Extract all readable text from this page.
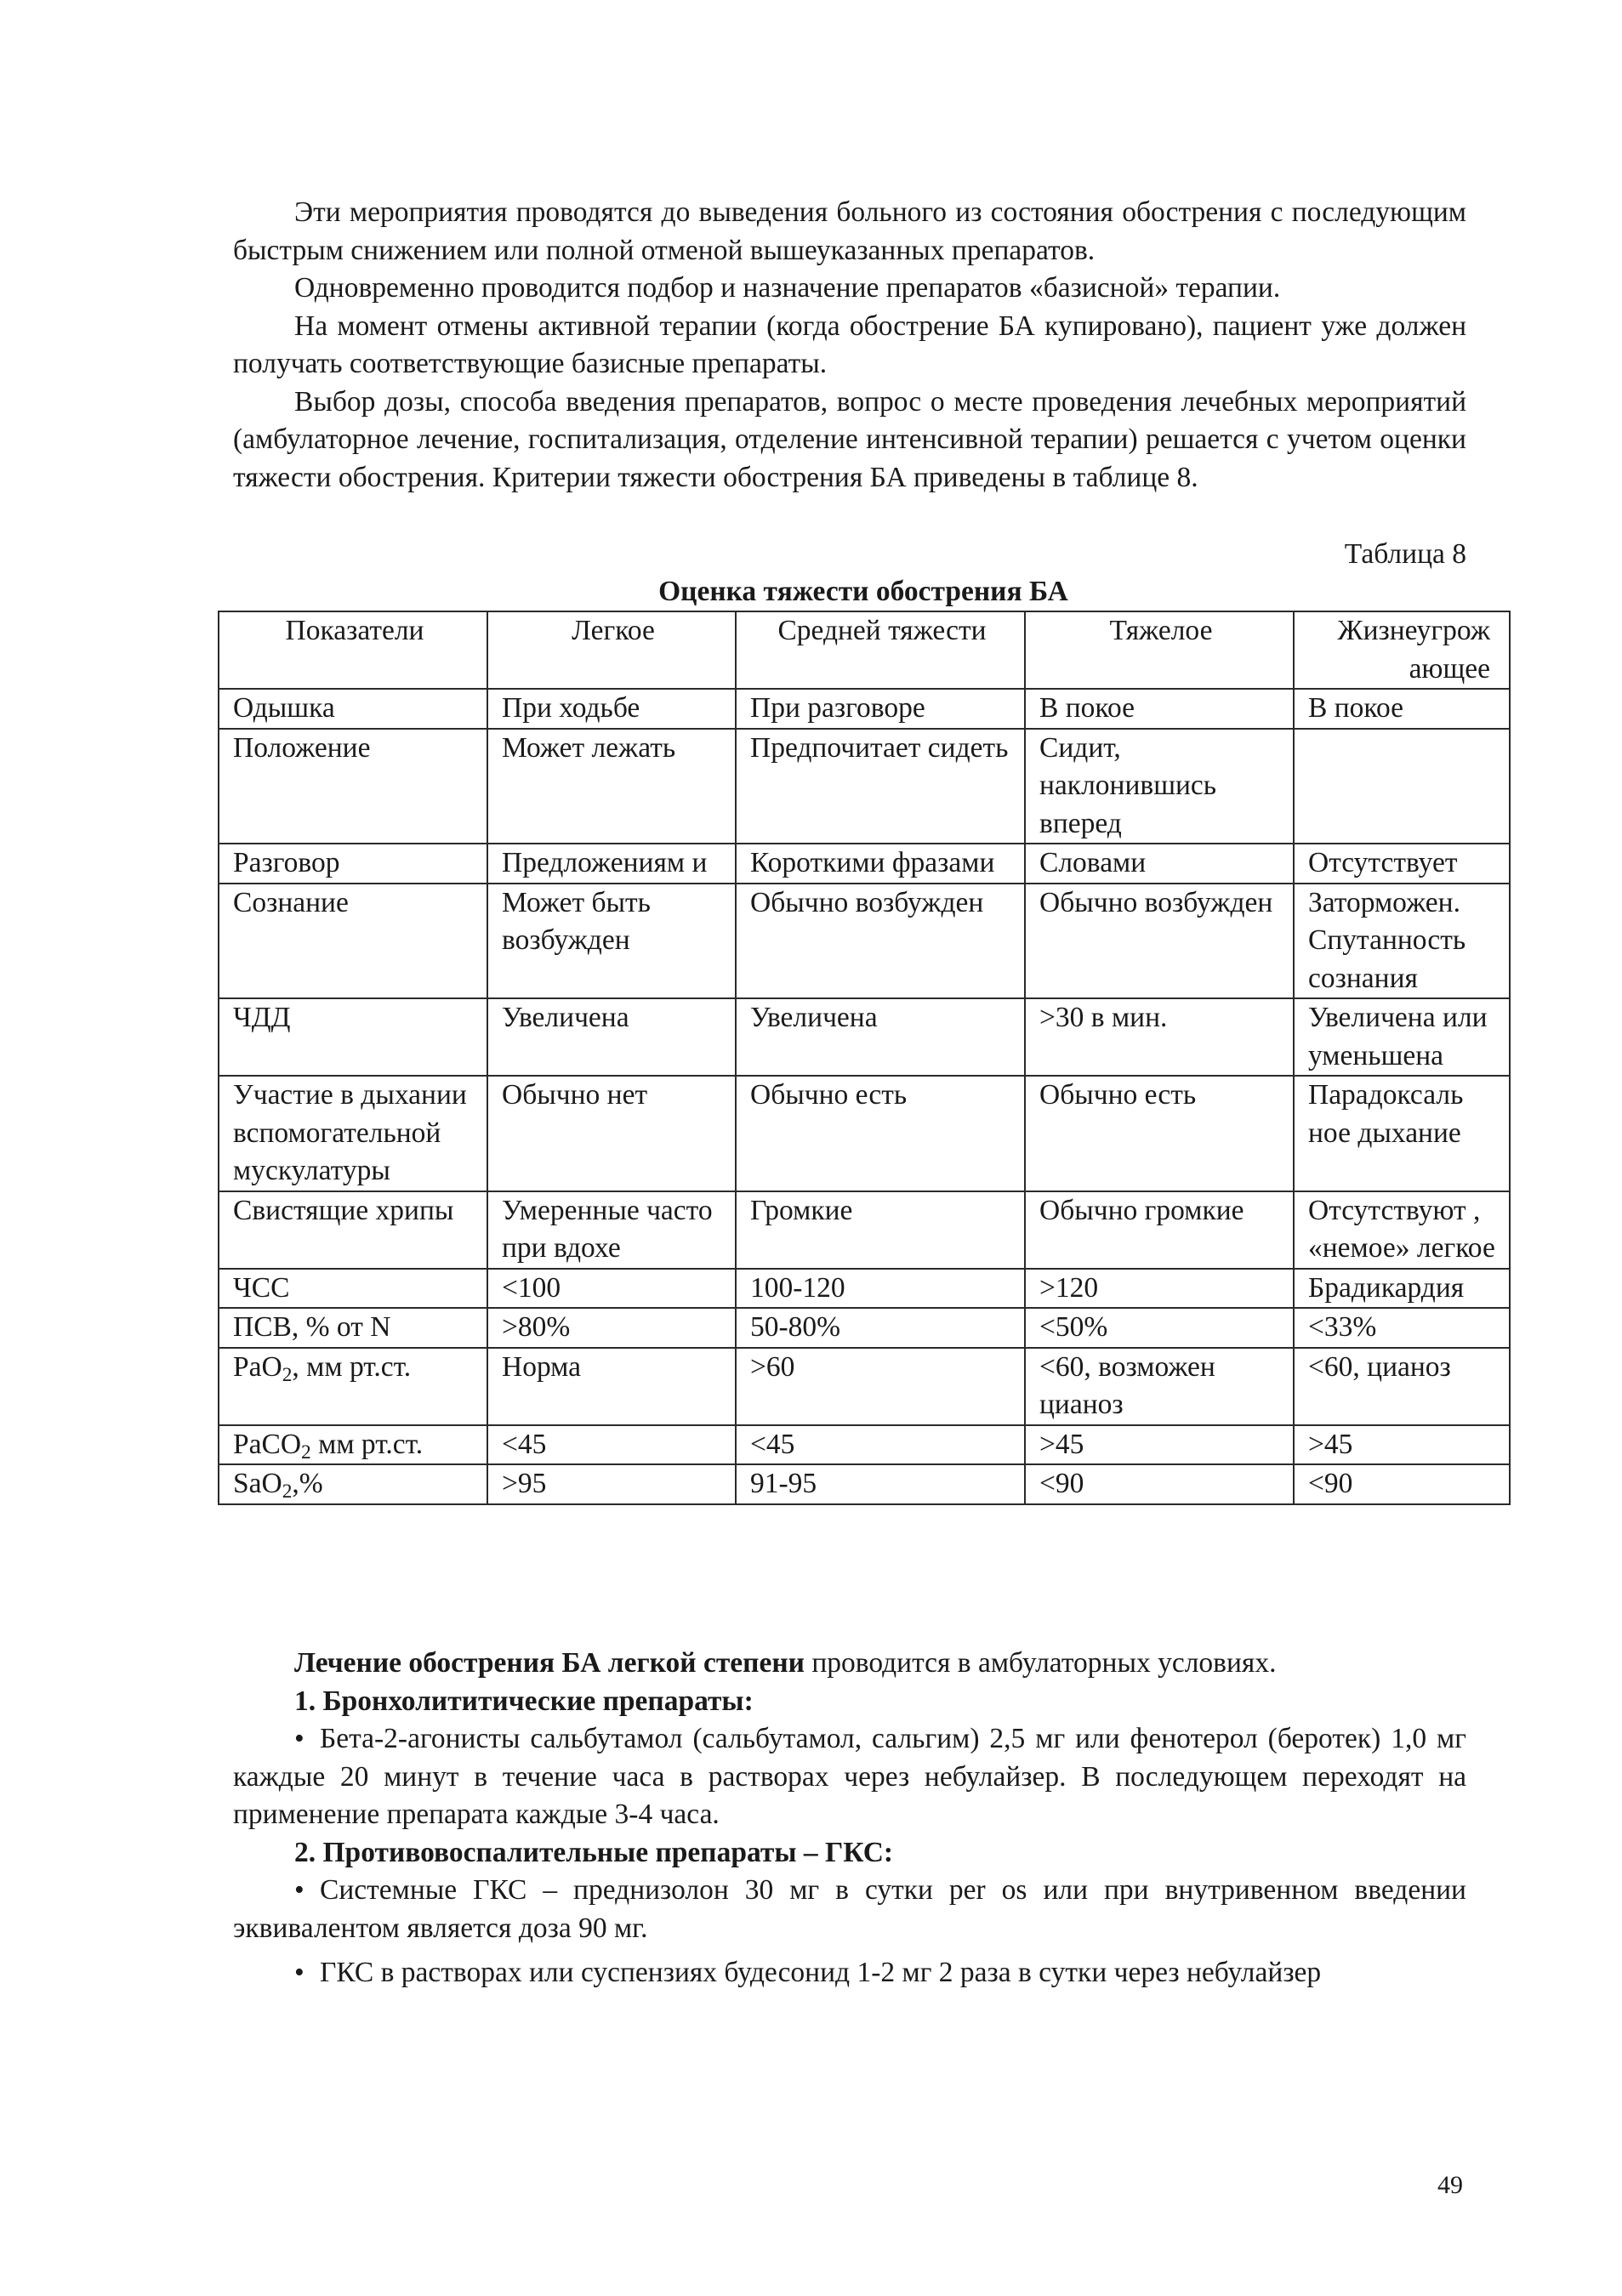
Эти мероприятия проводятся до выведения больного из состояния обострения с последующим быстрым снижением или полной отменой вышеуказанных препаратов.

Одновременно проводится подбор и назначение препаратов «базисной» терапии.

На момент отмены активной терапии (когда обострение БА купировано), пациент уже должен получать соответствующие базисные препараты.

Выбор дозы, способа введения препаратов, вопрос о месте проведения лечебных мероприятий (амбулаторное лечение, госпитализация, отделение интенсивной терапии) решается с учетом оценки тяжести обострения. Критерии тяжести обострения БА приведены в таблице 8.

Таблица 8
Оценка тяжести обострения БА
Показатели	Легкое	Средней тяжести	Тяжелое	Жизнеугрож ающее
Одышка	При ходьбе	При разговоре	В покое	В покое
Положение	Может лежать	Предпочитает сидеть	Сидит, наклонившись вперед	
Разговор	Предложениям и	Короткими фразами	Словами	Отсутствует
Сознание	Может быть возбужден	Обычно возбужден	Обычно возбужден	Заторможен. Спутанность сознания
ЧДД	Увеличена	Увеличена	>30 в мин.	Увеличена или уменьшена
Участие в дыхании вспомогательной мускулатуры	Обычно нет	Обычно есть	Обычно есть	Парадоксаль ное дыхание
Свистящие хрипы	Умеренные часто при вдохе	Громкие	Обычно громкие	Отсутствуют , «немое» легкое
ЧСС	<100	100-120	>120	Брадикардия
ПСВ, % от N	>80%	50-80%	<50%	<33%
PaO$_2$, мм рт.ст.	Норма	>60	<60, возможен цианоз	<60, цианоз
PaCO$_2$ мм рт.ст.	<45	<45	>45	>45
SaO$_2$,%	>95	91-95	<90	<90

Лечение обострения БА легкой степени проводится в амбулаторных условиях.

1. Бронхолититические препараты:

• Бета-2-агонисты сальбутамол (сальбутамол, сальгим) 2,5 мг или фенотерол (беротек) 1,0 мг каждые 20 минут в течение часа в растворах через небулайзер. В последующем переходят на применение препарата каждые 3-4 часа.

2. Противовоспалительные препараты – ГКС:

• Системные ГКС – преднизолон 30 мг в сутки per os или при внутривенном введении эквивалентом является доза 90 мг.

• ГКС в растворах или суспензиях будесонид 1-2 мг 2 раза в сутки через небулайзер

49
